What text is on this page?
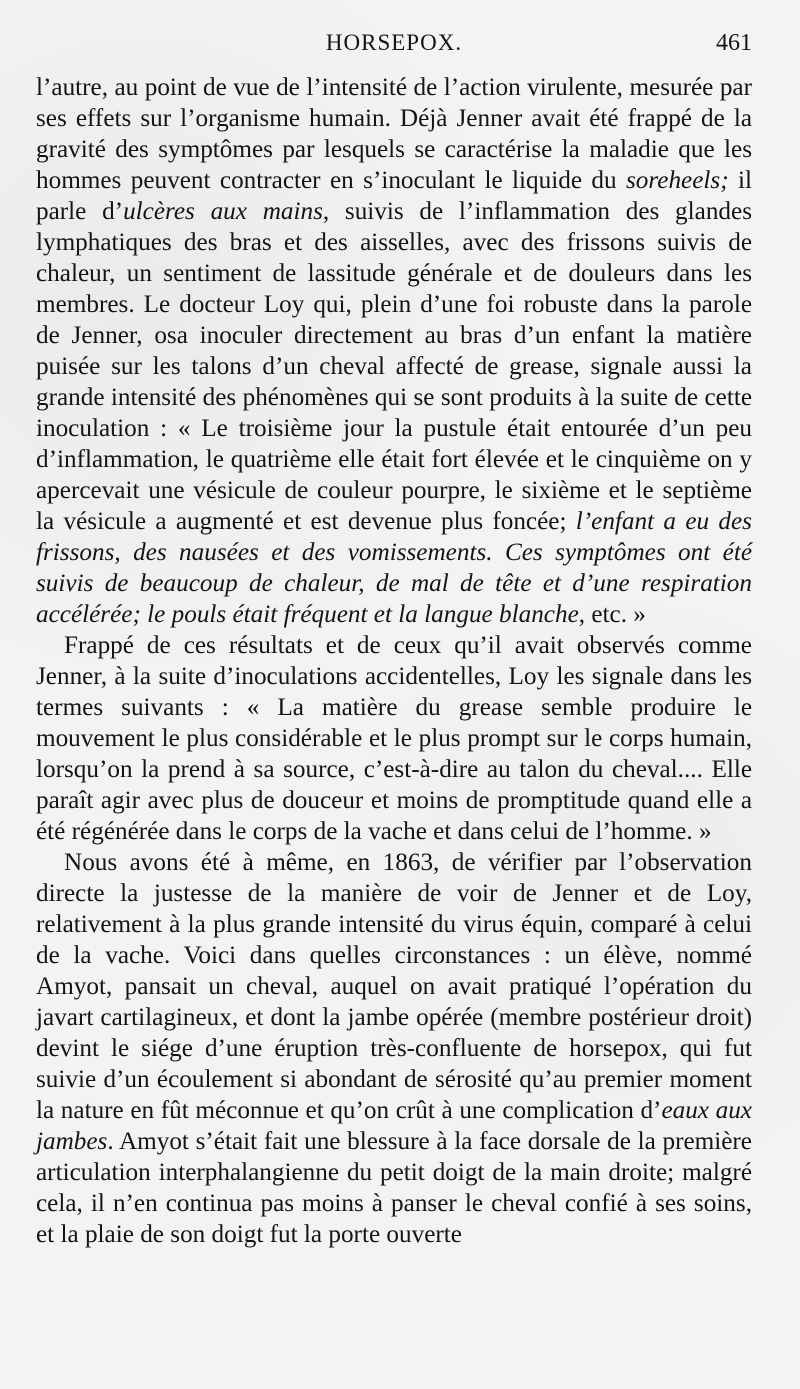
HORSEPOX.	461

l’autre, au point de vue de l’intensité de l’action virulente, mesurée par ses effets sur l’organisme humain. Déjà Jenner avait été frappé de la gravité des symptômes par lesquels se caractérise la maladie que les hommes peuvent contracter en s’inoculant le liquide du soreheels; il parle d’ulcères aux mains, suivis de l’inflammation des glandes lymphatiques des bras et des aisselles, avec des frissons suivis de chaleur, un sentiment de lassitude générale et de douleurs dans les membres. Le docteur Loy qui, plein d’une foi robuste dans la parole de Jenner, osa inoculer directement au bras d’un enfant la matière puisée sur les talons d’un cheval affecté de grease, signale aussi la grande intensité des phénomènes qui se sont produits à la suite de cette inoculation : « Le troisième jour la pustule était entourée d’un peu d’inflammation, le quatrième elle était fort élevée et le cinquième on y apercevait une vésicule de couleur pourpre, le sixième et le septième la vésicule a augmenté et est devenue plus foncée; l’enfant a eu des frissons, des nausées et des vomissements. Ces symptômes ont été suivis de beaucoup de chaleur, de mal de tête et d’une respiration accélérée; le pouls était fréquent et la langue blanche, etc. »

Frappé de ces résultats et de ceux qu’il avait observés comme Jenner, à la suite d’inoculations accidentelles, Loy les signale dans les termes suivants : « La matière du grease semble produire le mouvement le plus considérable et le plus prompt sur le corps humain, lorsqu’on la prend à sa source, c’est-à-dire au talon du cheval.... Elle paraît agir avec plus de douceur et moins de promptitude quand elle a été régénérée dans le corps de la vache et dans celui de l’homme. »

Nous avons été à même, en 1863, de vérifier par l’observation directe la justesse de la manière de voir de Jenner et de Loy, relativement à la plus grande intensité du virus équin, comparé à celui de la vache. Voici dans quelles circonstances : un élève, nommé Amyot, pansait un cheval, auquel on avait pratiqué l’opération du javart cartilagineux, et dont la jambe opérée (membre postérieur droit) devint le siége d’une éruption très-confluente de horsepox, qui fut suivie d’un écoulement si abondant de sérosité qu’au premier moment la nature en fût méconnue et qu’on crût à une complication d’eaux aux jambes. Amyot s’était fait une blessure à la face dorsale de la première articulation interphalangienne du petit doigt de la main droite; malgré cela, il n’en continua pas moins à panser le cheval confié à ses soins, et la plaie de son doigt fut la porte ouverte
